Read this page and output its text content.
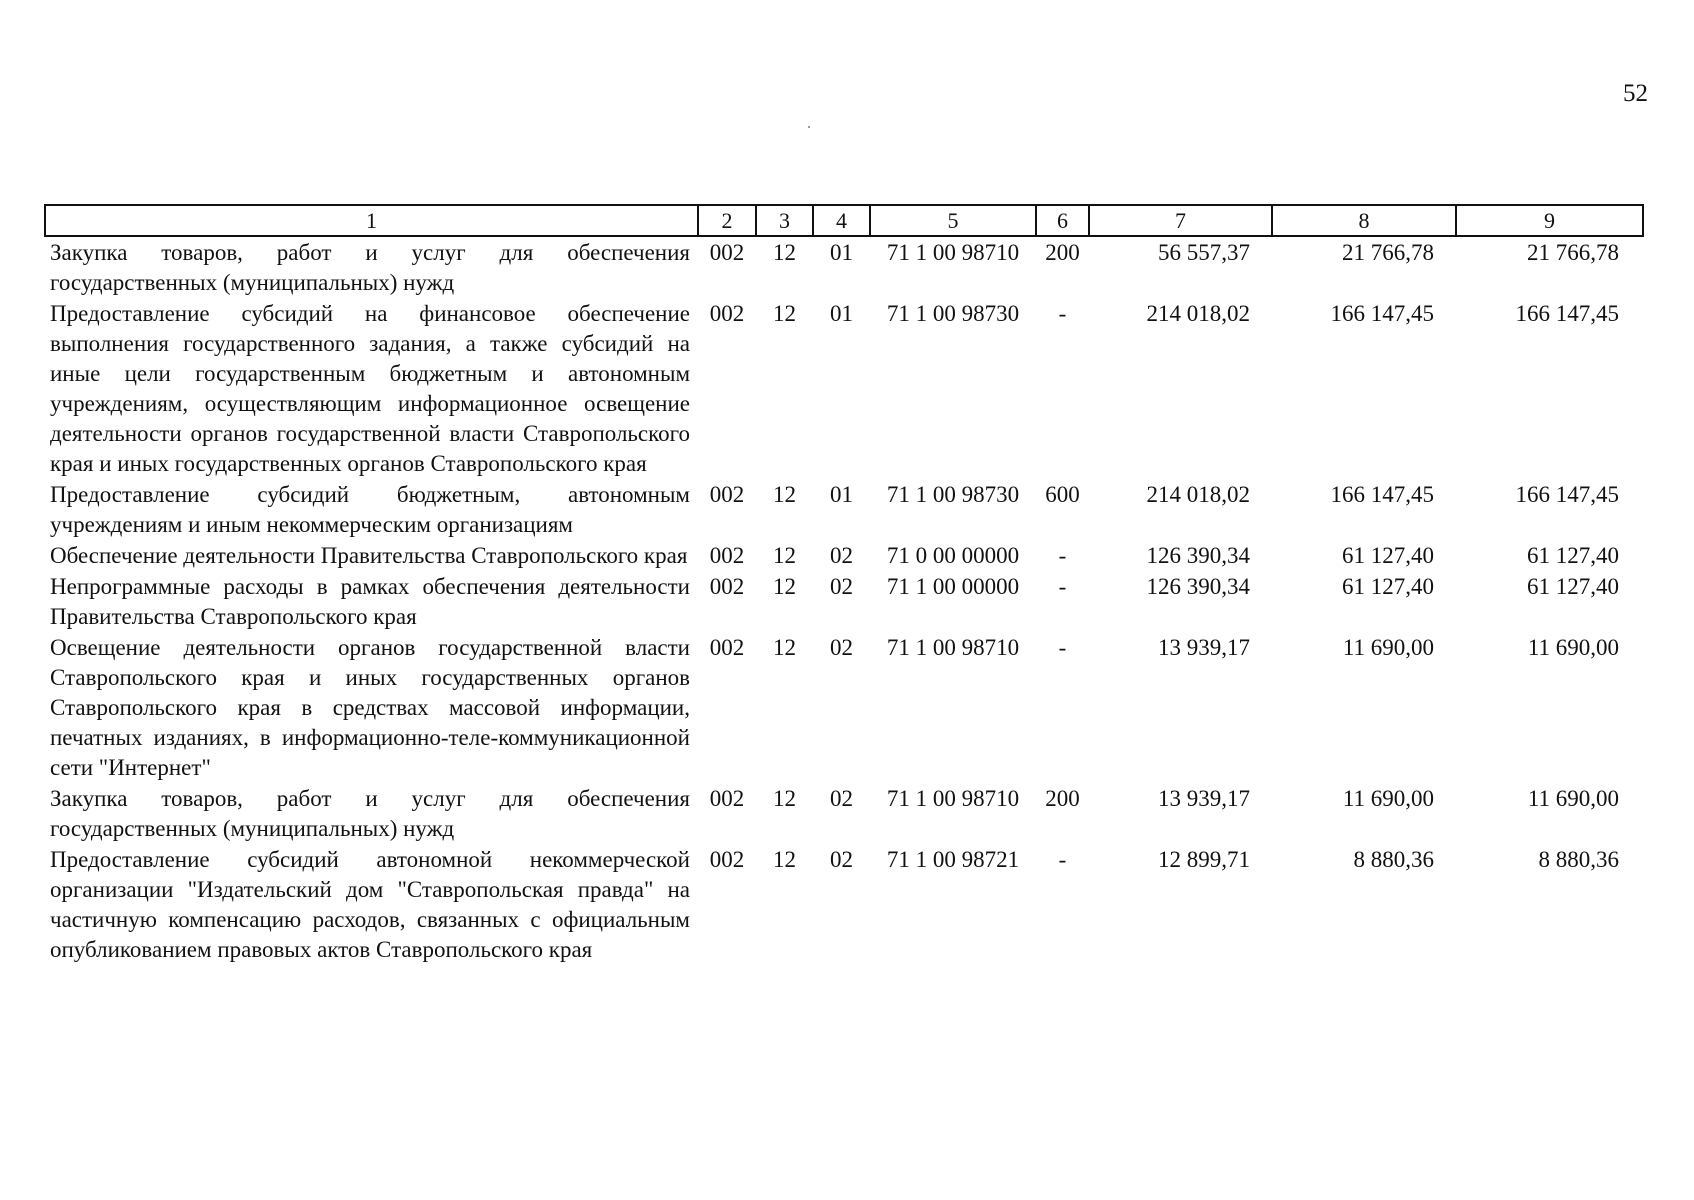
52
1	2	3	4	5	6	7	8	9
Закупка товаров, работ и услуг для обеспечения государственных (муниципальных) нужд	002	12	01	71 1 00 98710	200	56 557,37	21 766,78	21 766,78
Предоставление субсидий на финансовое обеспечение выполнения государственного задания, а также субсидий на иные цели государственным бюджетным и автономным учреждениям, осуществляющим информационное освещение деятельности органов государственной власти Ставропольского края и иных государственных органов Ставропольского края	002	12	01	71 1 00 98730	-	214 018,02	166 147,45	166 147,45
Предоставление субсидий бюджетным, автономным учреждениям и иным некоммерческим организациям	002	12	01	71 1 00 98730	600	214 018,02	166 147,45	166 147,45
Обеспечение деятельности Правительства Ставропольского края	002	12	02	71 0 00 00000	-	126 390,34	61 127,40	61 127,40
Непрограммные расходы в рамках обеспечения деятельности Правительства Ставропольского края	002	12	02	71 1 00 00000	-	126 390,34	61 127,40	61 127,40
Освещение деятельности органов государственной власти Ставропольского края и иных государственных органов Ставропольского края в средствах массовой информации, печатных изданиях, в информационно-теле-коммуникационной сети "Интернет"	002	12	02	71 1 00 98710	-	13 939,17	11 690,00	11 690,00
Закупка товаров, работ и услуг для обеспечения государственных (муниципальных) нужд	002	12	02	71 1 00 98710	200	13 939,17	11 690,00	11 690,00
Предоставление субсидий автономной некоммерческой организации "Издательский дом "Ставропольская правда" на частичную компенсацию расходов, связанных с официальным опубликованием правовых актов Ставропольского края	002	12	02	71 1 00 98721	-	12 899,71	8 880,36	8 880,36
